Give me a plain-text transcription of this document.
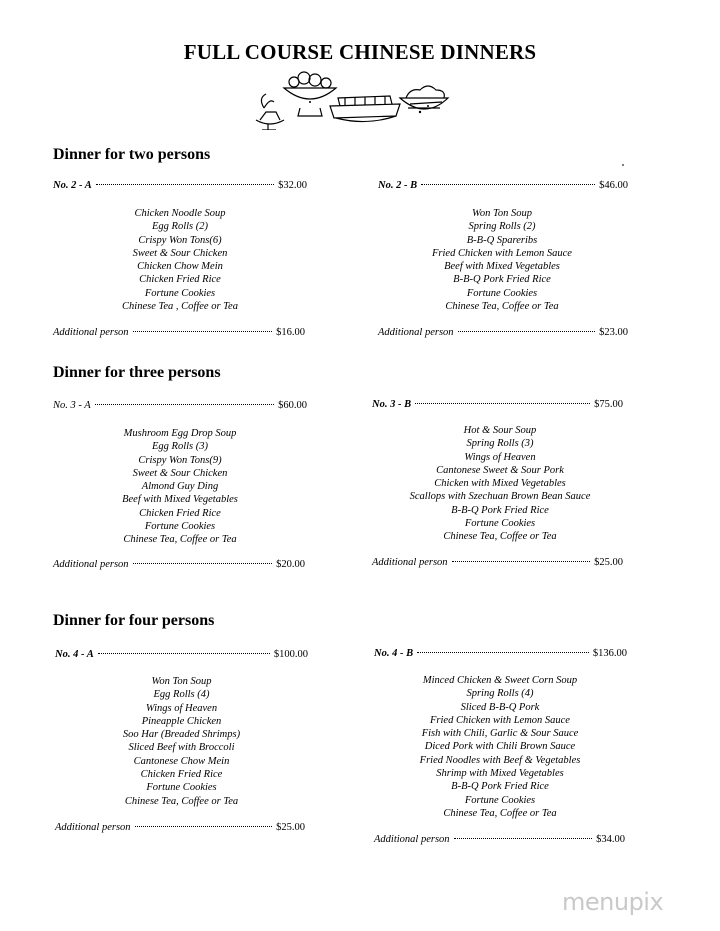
FULL COURSE CHINESE DINNERS
Dinner for two persons
No. 2 - A	$32.00
Chicken Noodle Soup
Egg Rolls (2)
Crispy Won Tons(6)
Sweet & Sour Chicken
Chicken Chow Mein
Chicken Fried Rice
Fortune Cookies
Chinese Tea , Coffee or Tea
Additional person	$16.00
No. 2 - B	$46.00
Won Ton Soup
Spring Rolls (2)
B-B-Q Spareribs
Fried Chicken with Lemon Sauce
Beef with Mixed Vegetables
B-B-Q Pork Fried Rice
Fortune Cookies
Chinese Tea, Coffee or Tea
Additional person	$23.00
Dinner for three persons
No. 3 - A	$60.00
Mushroom Egg Drop Soup
Egg Rolls (3)
Crispy Won Tons(9)
Sweet & Sour Chicken
Almond Guy Ding
Beef with Mixed Vegetables
Chicken Fried Rice
Fortune Cookies
Chinese Tea, Coffee or Tea
Additional person	$20.00
No. 3 - B	$75.00
Hot & Sour Soup
Spring Rolls (3)
Wings of Heaven
Cantonese Sweet & Sour Pork
Chicken with Mixed Vegetables
Scallops with Szechuan Brown Bean Sauce
B-B-Q Pork Fried Rice
Fortune Cookies
Chinese Tea, Coffee or Tea
Additional person	$25.00
Dinner for four persons
No. 4 - A	$100.00
Won Ton Soup
Egg Rolls (4)
Wings of Heaven
Pineapple Chicken
Soo Har (Breaded Shrimps)
Sliced Beef with Broccoli
Cantonese Chow Mein
Chicken Fried Rice
Fortune Cookies
Chinese Tea, Coffee or Tea
Additional person	$25.00
No. 4 - B	$136.00
Minced Chicken & Sweet Corn Soup
Spring Rolls (4)
Sliced B-B-Q Pork
Fried Chicken with Lemon Sauce
Fish with Chili, Garlic & Sour Sauce
Diced Pork with Chili Brown Sauce
Fried Noodles with Beef & Vegetables
Shrimp with Mixed Vegetables
B-B-Q Pork Fried Rice
Fortune Cookies
Chinese Tea, Coffee or Tea
Additional person	$34.00
menupix
